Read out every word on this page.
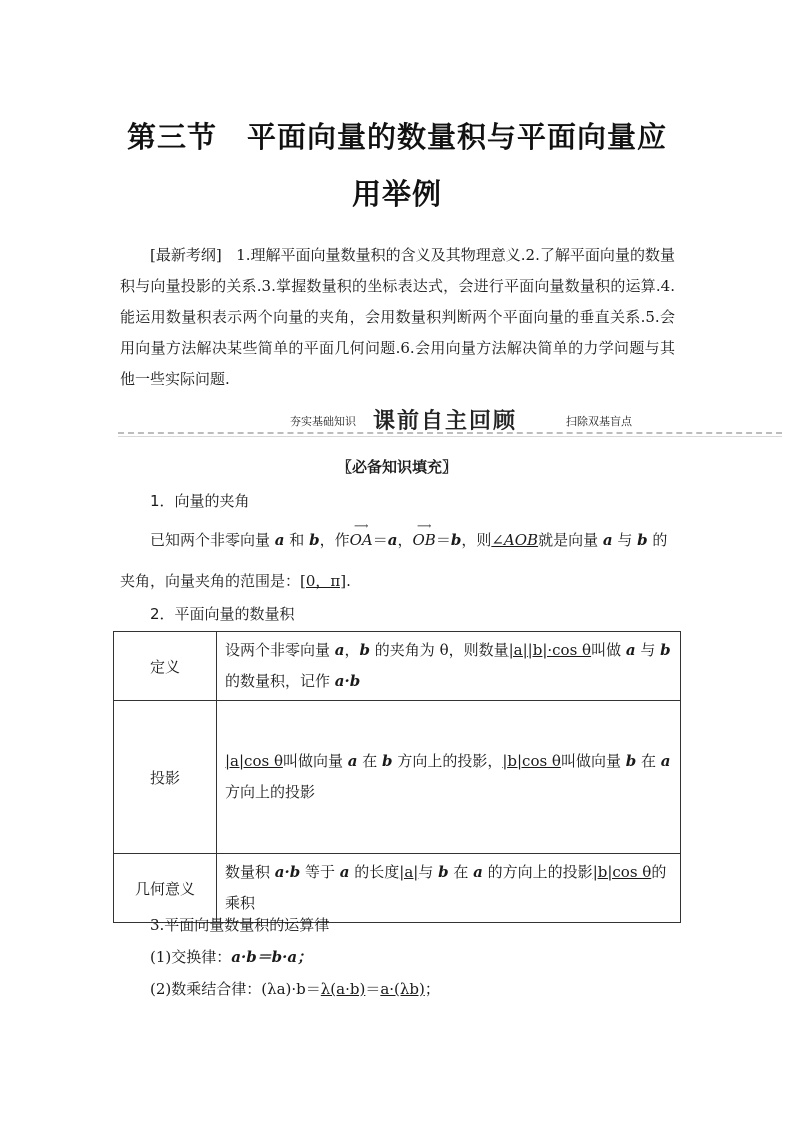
第三节 平面向量的数量积与平面向量应
用举例
[最新考纲] 1.理解平面向量数量积的含义及其物理意义.2.了解平面向量的数量积与向量投影的关系.3.掌握数量积的坐标表达式，会进行平面向量数量积的运算.4.能运用数量积表示两个向量的夹角，会用数量积判断两个平面向量的垂直关系.5.会用向量方法解决某些简单的平面几何问题.6.会用向量方法解决简单的力学问题与其他一些实际问题.
夯实基础知识 课前自主回顾	扫除双基盲点
〖必备知识填充〗
1．向量的夹角
已知两个非零向量 a 和 b，作
⟶
OA＝a，
⟶
OB＝b，则∠AOB就是向量 a 与 b 的
夹角，向量夹角的范围是：[0，π].
2．平面向量的数量积
定义	设两个非零向量 a，b 的夹角为 θ，则数量|a||b|·cos θ叫做 a 与 b
的数量积，记作 a·b
投影	|a|cos θ叫做向量 a 在 b 方向上的投影，|b|cos θ叫做向量 b 在 a
方向上的投影
几何意义	数量积 a·b 等于 a 的长度|a|与 b 在 a 的方向上的投影|b|cos θ的乘积
3.平面向量数量积的运算律
(1)交换律：a·b＝b·a；
(2)数乘结合律：(λa)·b＝λ(a·b)＝a·(λb)；
